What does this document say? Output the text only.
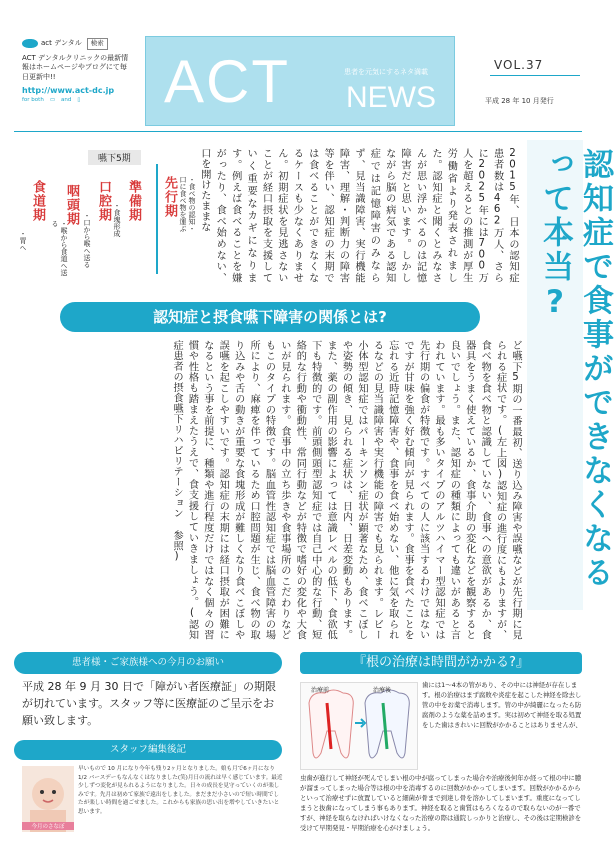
act デンタル	検索
ACT デンタルクリニックの最新情報はホームページやブログにて毎日更新中!!
http://www.act-dc.jp
for both ▭ and ▯ ACT	患者を元気にするネタ満載
NEWS
VOL.37
平成 28 年 10 月発行
認知症で食事ができなくなるって本当?
嚥下5期
先行期	・食べ物の認知・口に食べ物を運ぶ
準備期
・食塊形成
口腔期
・口から喉へ送る
咽頭期
・喉から食道へ送る
食道期
・胃へ	2015年、日本の認知症患者数は462万人、さらに2025年には700万人を超えるとの推測が厚生労働省より発表されました。認知症と聞くとみなさんが思い浮かべるのは記憶障害だと思います。しかしながら脳の病気である認知症では記憶障害のみならず、見当識障害、実行機能障害、理解・判断力の障害等を伴い、認知症の末期では食べることができなくなるケースも少なくありません。初期症状を見逃さないことが経口摂取を支援していく重要なカギになります。例えば食べることを嫌がったり、食べ始めない、口を開けたままな
認知症と摂食嚥下障害の関係とは?
ど嚥下5期の一番最初、送り込み障害や誤嚥などが先行期に見られる症状です。(左上図)認知症の進行度にもよりますが、食べ物を食べ物と認識していない、食事への意欲があるか、食器具をうまく使えているか、食事介助の変化などを観察すると良いでしょう。また、認知症の種類によっても違いがあると言われています。最も多いタイプのアルツハイマー型認知症では先行期の偏食が特徴です。すべての人に該当するわけではないですが甘味を強く好む傾向が見られます。食事を食べたことを忘れる近時記憶障害や、食事を食べ始めない、他に気を取られるなどの見当識障害や実行機能の障害でも見られます。レビー小体型認知症ではパーキンソン症状が顕著なため、食べこぼしや姿勢の傾き、見られる症状は、日内、日差変動もあります。また、薬の副作用の影響によっては意識レベルの低下、食欲低下も特徴的です。前頭側頭型認知症では自己中心的な行動、短絡的な行動や衝動性、常同行動などが特徴で嗜好の変化や大食いが見られます。食事中の立ち歩きや食事場所のこだわりなどもこのタイプの特徴です。脳血管性認知症では脳血管障害の場所により、麻痺を伴っているため口腔問題が生じ、食べ物の取り込みや舌の動きが重要な食塊形成が難しくなり食べこぼしや誤嚥を起こしやすいです。認知症の末期には経口摂取が困難になるという事を前提に、種類や進行程度だけではなく個々の習慣や性格も踏まえたうえで、食支援していきましょう。(認知症患者の摂食嚥下リハビリテーション 参照)
患者様・ご家族様への今月のお願い
平成 28 年 9 月 30 日で「障がい者医療証」の期限が切れています。スタッフ等に医療証のご呈示をお願い致します。
スタッフ編集後記
今月のさなぼ
早いもので 10 月になり今年も残り2ヶ月となりました。娘も月で6ヶ月になり 1/2 バースデーもなんなくはなりました(笑)月日の流れは早く感じています。最近少しずつ変化が見られるようになりました。日々の成長を見守っていくのが楽しみです。先月は初めて家族で遠出をしました。まだまだ小さいので短い時間でしたが楽しい時間を過ごせました。これからも家族の思い出を増やしていきたいと思います。
『根の治療は時間がかかる?』
治療前	治療後
歯には1〜4本の管があり、その中には神経が存在します。根の治療はまず腐敗や炎症を起こした神経を除去し管の中をお薬で消毒します。管の中が綺麗になったら防腐剤のような薬を詰めます。実は初めて神経を取る処置をした歯はきれいに回数がかかることはありませんが、
虫歯が進行して神経が死んでしまい根の中が腐ってしまった場合や治療後何年か経って根の中に膿が溜まってしまった場合等は根の中を消毒するのに回数がかかってしまいます。回数がかかるからといって治療せずに放置していると細菌が骨まで到達し骨を溶かしてしまいます。重度になってしまうと抜歯になってしまう事もあります。神経を取ると歯質はもろくなるので取らないのが一番ですが、神経を取らなければいけなくなった治療の際は通院しっかりと治療し、その後は定期検診を受けて早期発見・早期治療を心がけましょう。
